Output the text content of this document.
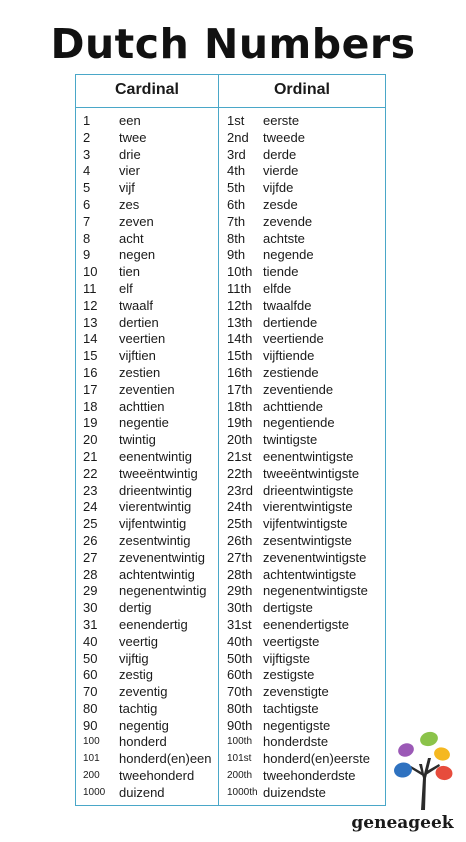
Dutch Numbers
Cardinal	Ordinal
1 een	1st eerste
2 twee	2nd tweede
3 drie	3rd derde
4 vier	4th vierde
5 vijf	5th vijfde
6 zes	6th zesde
7 zeven	7th zevende
8 acht	8th achtste
9 negen	9th negende
10 tien	10th tiende
11 elf	11th elfde
12 twaalf	12th twaalfde
13 dertien	13th dertiende
14 veertien	14th veertiende
15 vijftien	15th vijftiende
16 zestien	16th zestiende
17 zeventien	17th zeventiende
18 achttien	18th achttiende
19 negentie	19th negentiende
20 twintig	20th twintigste
21 eenentwintig	21st eenentwintigste
22 tweeëntwintig 22th tweeëntwintigste
23 drieentwintig	23rd drieentwintigste
24 vierentwintig	24th vierentwintigste
25 vijfentwintig	25th vijfentwintigste
26 zesentwintig	26th zesentwintigste
27 zevenentwintig 27th zevenentwintigste
28 achtentwintig 28th achtentwintigste
29 negenentwintig 29th negenentwintigste
30 dertig	30th dertigste
31 eenendertig	31st eenendertigste
40 veertig	40th veertigste
50 vijftig	50th vijftigste
60 zestig	60th zestigste
70 zeventig	70th zevenstigte
80 tachtig	80th tachtigste
90 negentig	90th negentigste
100 honderd	100th honderdste
101 honderd(en)een 101st honderd(en)eerste
200 tweehonderd	200th tweehonderdste
1000 duizend	1000th duizendste
geneageek
